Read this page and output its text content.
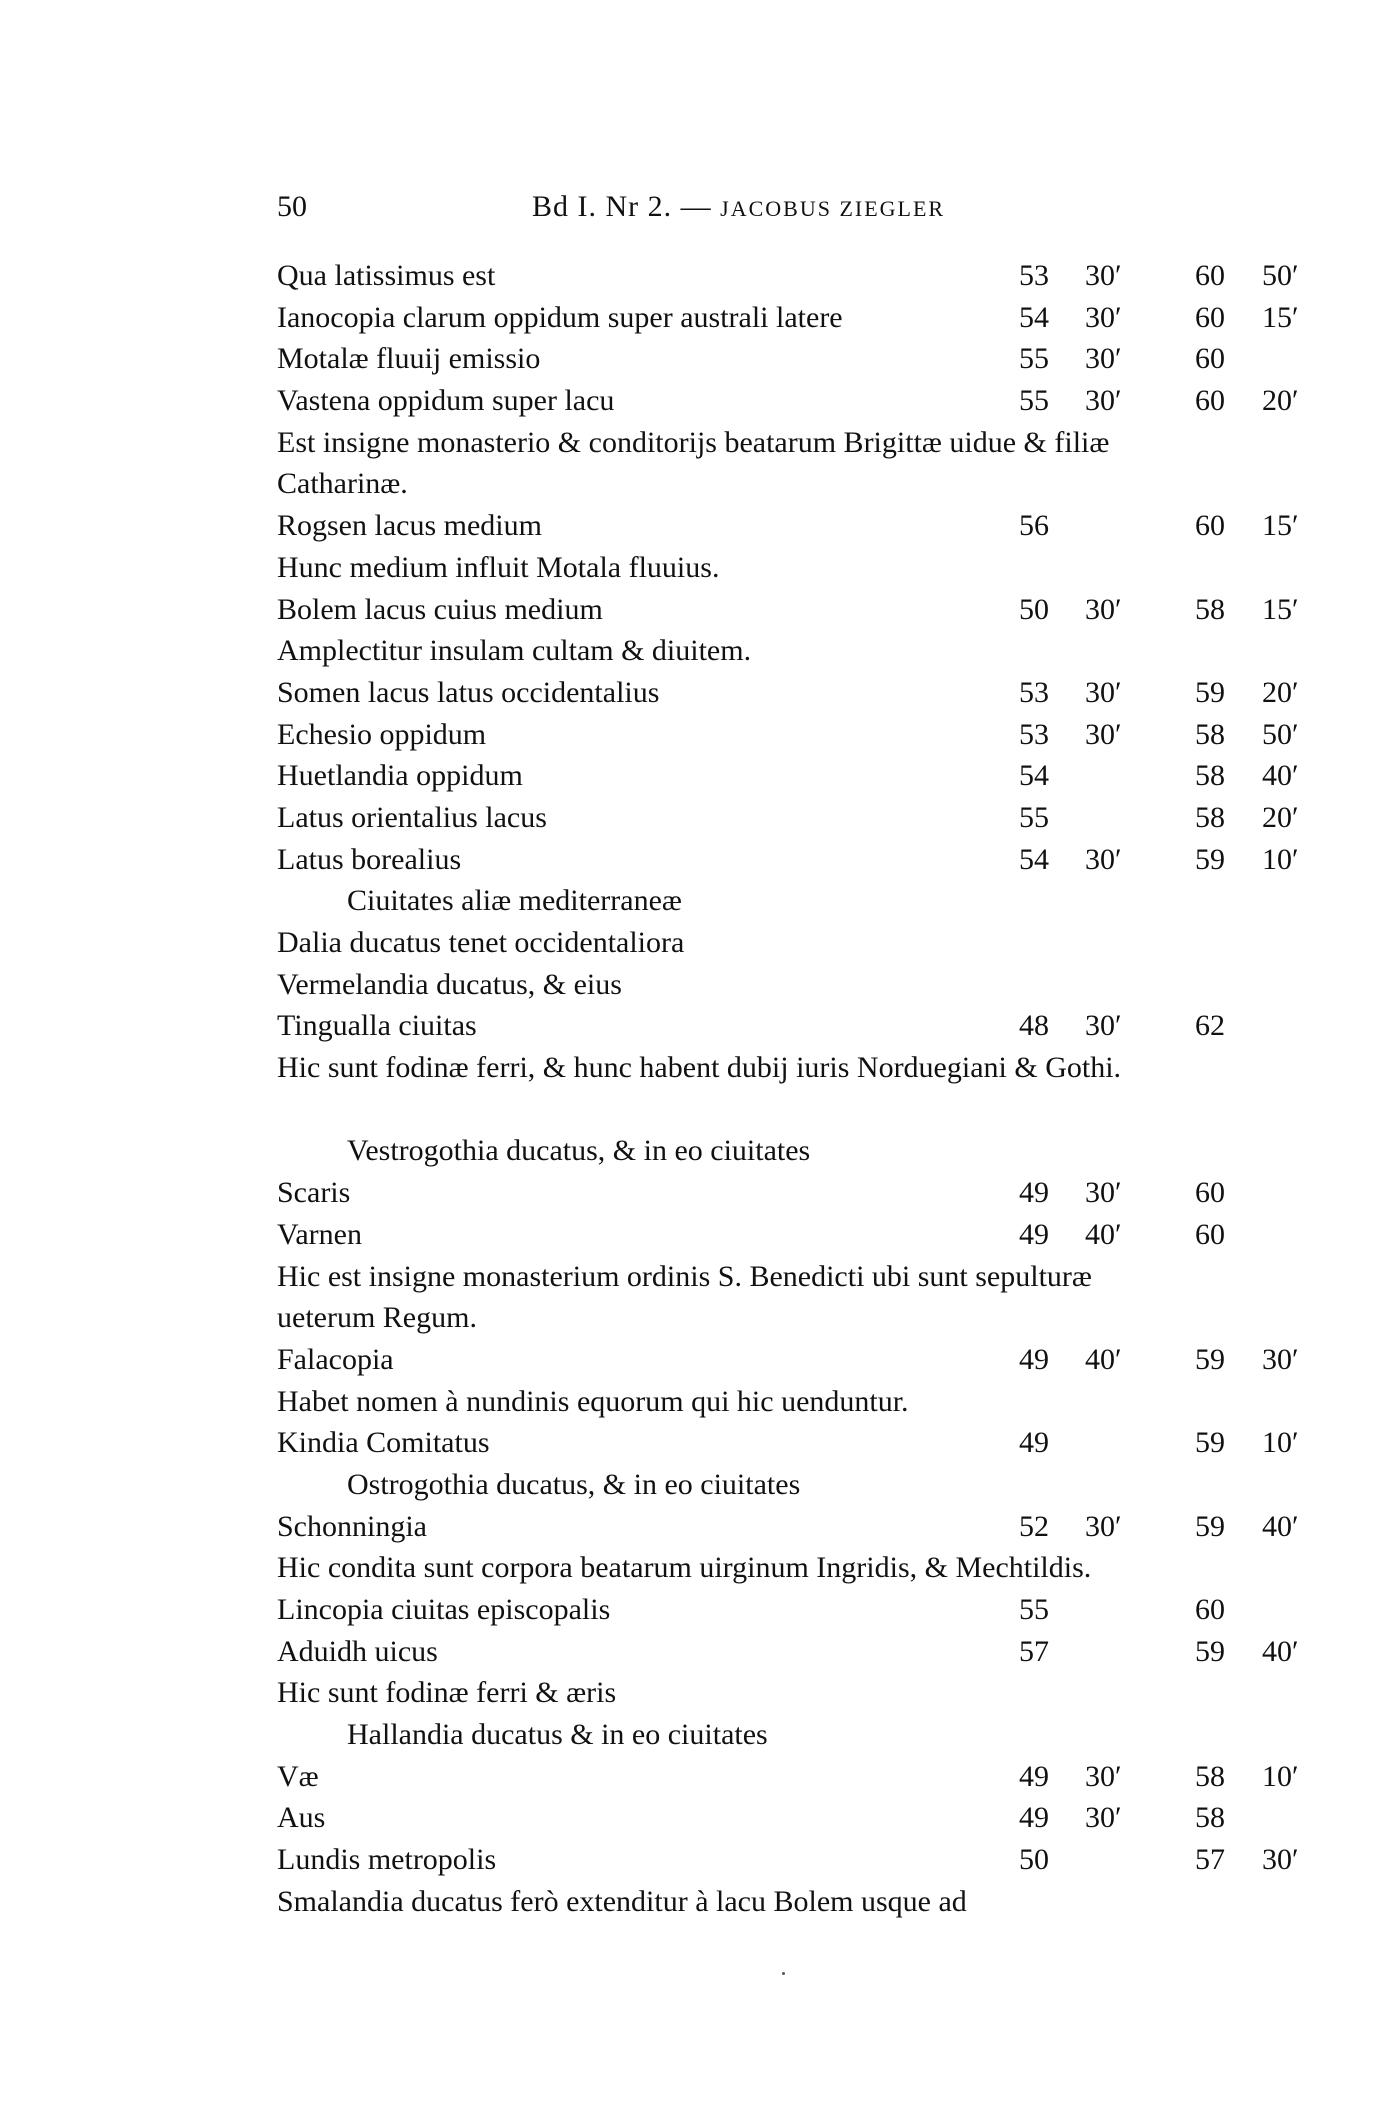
50	Bd I. Nr 2. — JACOBUS ZIEGLER
Qua latissimus est	53 30′ 60 50′
Ianocopia clarum oppidum super australi latere	54 30′ 60 15′
Motalæ fluuij emissio	55 30′ 60
Vastena oppidum super lacu	55 30′ 60 20′
Est insigne monasterio & conditorijs beatarum Brigittæ uidue & filiæ
Catharinæ.
Rogsen lacus medium	56	60 15′
Hunc medium influit Motala fluuius.
Bolem lacus cuius medium	50 30′ 58 15′
Amplectitur insulam cultam & diuitem.
Somen lacus latus occidentalius	53 30′ 59 20′
Echesio oppidum	53 30′ 58 50′
Huetlandia oppidum	54	58 40′
Latus orientalius lacus	55	58 20′
Latus borealius	54 30′ 59 10′
Ciuitates aliæ mediterraneæ
Dalia ducatus tenet occidentaliora
Vermelandia ducatus, & eius
Tingualla ciuitas	48 30′ 62
Hic sunt fodinæ ferri, & hunc habent dubij iuris Norduegiani & Gothi.
Vestrogothia ducatus, & in eo ciuitates
Scaris	49 30′ 60
Varnen	49 40′ 60
Hic est insigne monasterium ordinis S. Benedicti ubi sunt sepulturæ
ueterum Regum.
Falacopia	49 40′ 59 30′
Habet nomen à nundinis equorum qui hic uenduntur.
Kindia Comitatus	49	59 10′
Ostrogothia ducatus, & in eo ciuitates
Schonningia	52 30′ 59 40′
Hic condita sunt corpora beatarum uirginum Ingridis, & Mechtildis.
Lincopia ciuitas episcopalis	55	60
Aduidh uicus	57	59 40′
Hic sunt fodinæ ferri & æris
Hallandia ducatus & in eo ciuitates
Væ	49 30′ 58 10′
Aus	49 30′ 58
Lundis metropolis	50	57 30′
Smalandia ducatus ferò extenditur à lacu Bolem usque ad
